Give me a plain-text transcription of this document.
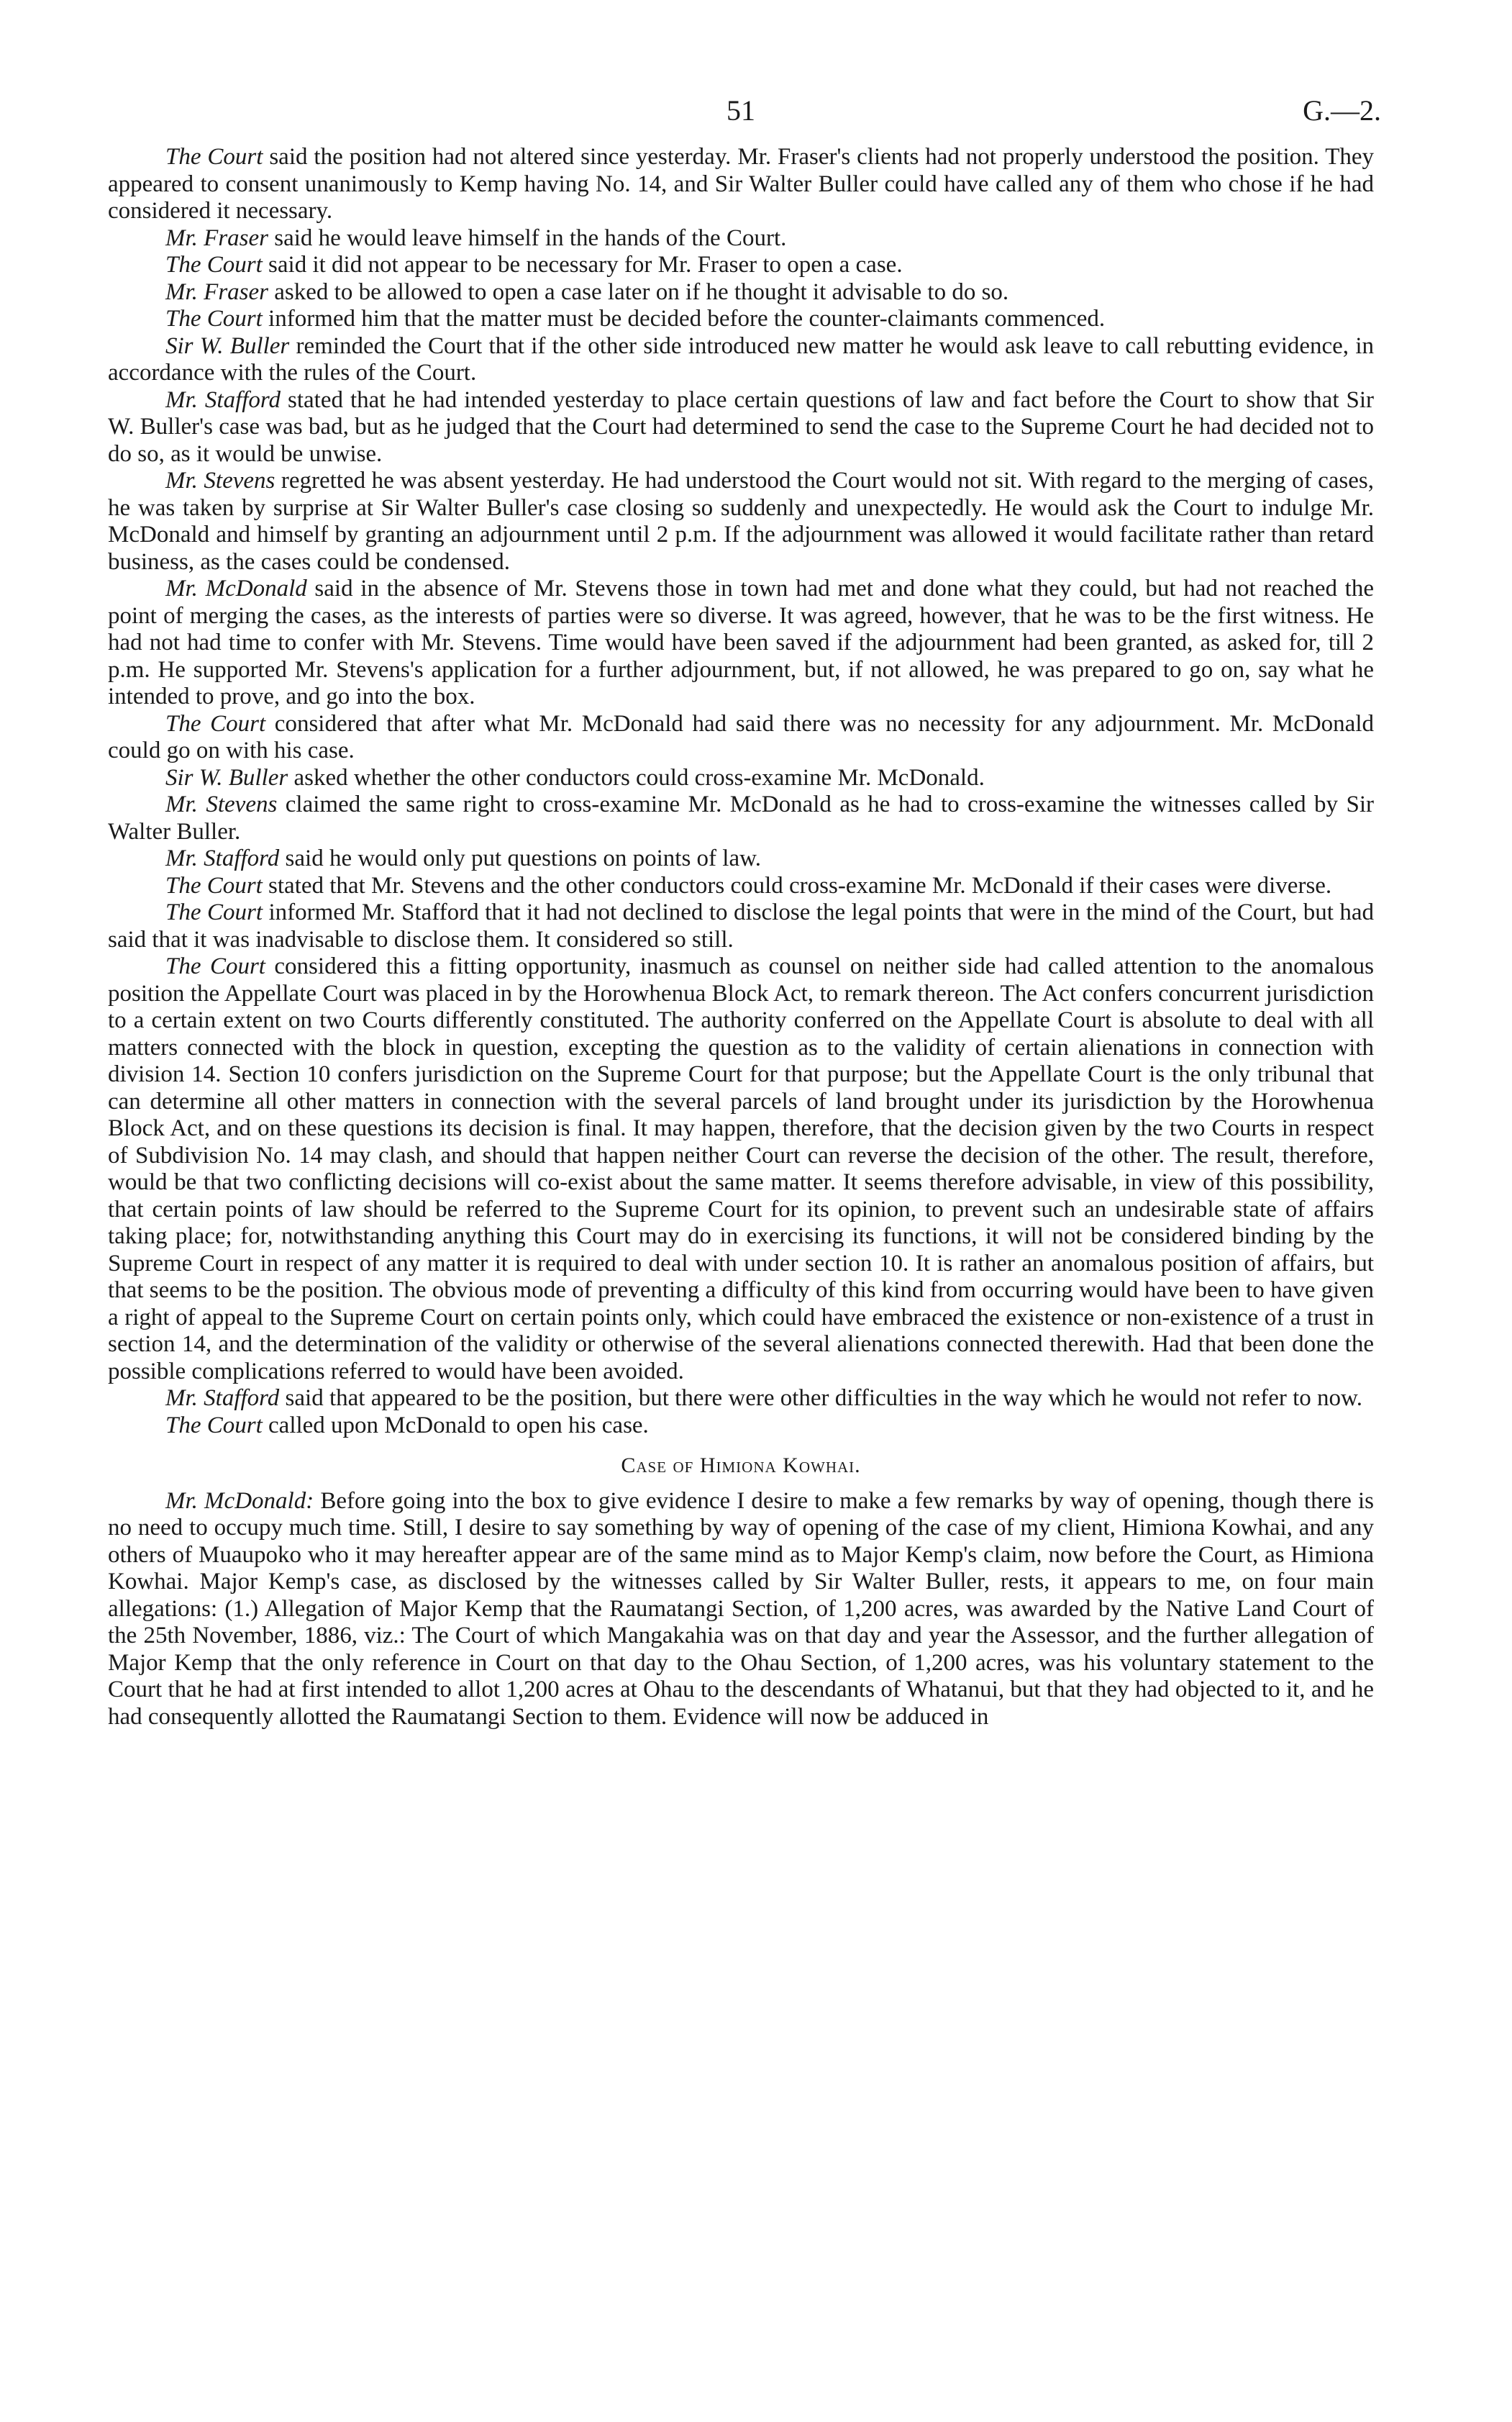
51	G.—2.

The Court said the position had not altered since yesterday. Mr. Fraser's clients had not properly understood the position. They appeared to consent unanimously to Kemp having No. 14, and Sir Walter Buller could have called any of them who chose if he had considered it necessary.

Mr. Fraser said he would leave himself in the hands of the Court.

The Court said it did not appear to be necessary for Mr. Fraser to open a case.

Mr. Fraser asked to be allowed to open a case later on if he thought it advisable to do so.

The Court informed him that the matter must be decided before the counter-claimants commenced.

Sir W. Buller reminded the Court that if the other side introduced new matter he would ask leave to call rebutting evidence, in accordance with the rules of the Court.

Mr. Stafford stated that he had intended yesterday to place certain questions of law and fact before the Court to show that Sir W. Buller's case was bad, but as he judged that the Court had determined to send the case to the Supreme Court he had decided not to do so, as it would be unwise.

Mr. Stevens regretted he was absent yesterday. He had understood the Court would not sit. With regard to the merging of cases, he was taken by surprise at Sir Walter Buller's case closing so suddenly and unexpectedly. He would ask the Court to indulge Mr. McDonald and himself by granting an adjournment until 2 p.m. If the adjournment was allowed it would facilitate rather than retard business, as the cases could be condensed.

Mr. McDonald said in the absence of Mr. Stevens those in town had met and done what they could, but had not reached the point of merging the cases, as the interests of parties were so diverse. It was agreed, however, that he was to be the first witness. He had not had time to confer with Mr. Stevens. Time would have been saved if the adjournment had been granted, as asked for, till 2 p.m. He supported Mr. Stevens's application for a further adjournment, but, if not allowed, he was prepared to go on, say what he intended to prove, and go into the box.

The Court considered that after what Mr. McDonald had said there was no necessity for any adjournment. Mr. McDonald could go on with his case.

Sir W. Buller asked whether the other conductors could cross-examine Mr. McDonald.

Mr. Stevens claimed the same right to cross-examine Mr. McDonald as he had to cross-examine the witnesses called by Sir Walter Buller.

Mr. Stafford said he would only put questions on points of law.

The Court stated that Mr. Stevens and the other conductors could cross-examine Mr. McDonald if their cases were diverse.

The Court informed Mr. Stafford that it had not declined to disclose the legal points that were in the mind of the Court, but had said that it was inadvisable to disclose them. It considered so still.

The Court considered this a fitting opportunity, inasmuch as counsel on neither side had called attention to the anomalous position the Appellate Court was placed in by the Horowhenua Block Act, to remark thereon. The Act confers concurrent jurisdiction to a certain extent on two Courts differently constituted. The authority conferred on the Appellate Court is absolute to deal with all matters connected with the block in question, excepting the question as to the validity of certain alienations in connection with division 14. Section 10 confers jurisdiction on the Supreme Court for that purpose; but the Appellate Court is the only tribunal that can determine all other matters in connection with the several parcels of land brought under its jurisdiction by the Horowhenua Block Act, and on these questions its decision is final. It may happen, therefore, that the decision given by the two Courts in respect of Subdivision No. 14 may clash, and should that happen neither Court can reverse the decision of the other. The result, therefore, would be that two conflicting decisions will co-exist about the same matter. It seems therefore advisable, in view of this possibility, that certain points of law should be referred to the Supreme Court for its opinion, to prevent such an undesirable state of affairs taking place; for, notwithstanding anything this Court may do in exercising its functions, it will not be considered binding by the Supreme Court in respect of any matter it is required to deal with under section 10. It is rather an anomalous position of affairs, but that seems to be the position. The obvious mode of preventing a difficulty of this kind from occurring would have been to have given a right of appeal to the Supreme Court on certain points only, which could have embraced the existence or non-existence of a trust in section 14, and the determination of the validity or otherwise of the several alienations connected therewith. Had that been done the possible complications referred to would have been avoided.

Mr. Stafford said that appeared to be the position, but there were other difficulties in the way which he would not refer to now.

The Court called upon McDonald to open his case.

Case of Himiona Kowhai.

Mr. McDonald: Before going into the box to give evidence I desire to make a few remarks by way of opening, though there is no need to occupy much time. Still, I desire to say something by way of opening of the case of my client, Himiona Kowhai, and any others of Muaupoko who it may hereafter appear are of the same mind as to Major Kemp's claim, now before the Court, as Himiona Kowhai. Major Kemp's case, as disclosed by the witnesses called by Sir Walter Buller, rests, it appears to me, on four main allegations: (1.) Allegation of Major Kemp that the Raumatangi Section, of 1,200 acres, was awarded by the Native Land Court of the 25th November, 1886, viz.: The Court of which Mangakahia was on that day and year the Assessor, and the further allegation of Major Kemp that the only reference in Court on that day to the Ohau Section, of 1,200 acres, was his voluntary statement to the Court that he had at first intended to allot 1,200 acres at Ohau to the descendants of Whatanui, but that they had objected to it, and he had consequently allotted the Raumatangi Section to them. Evidence will now be adduced in
